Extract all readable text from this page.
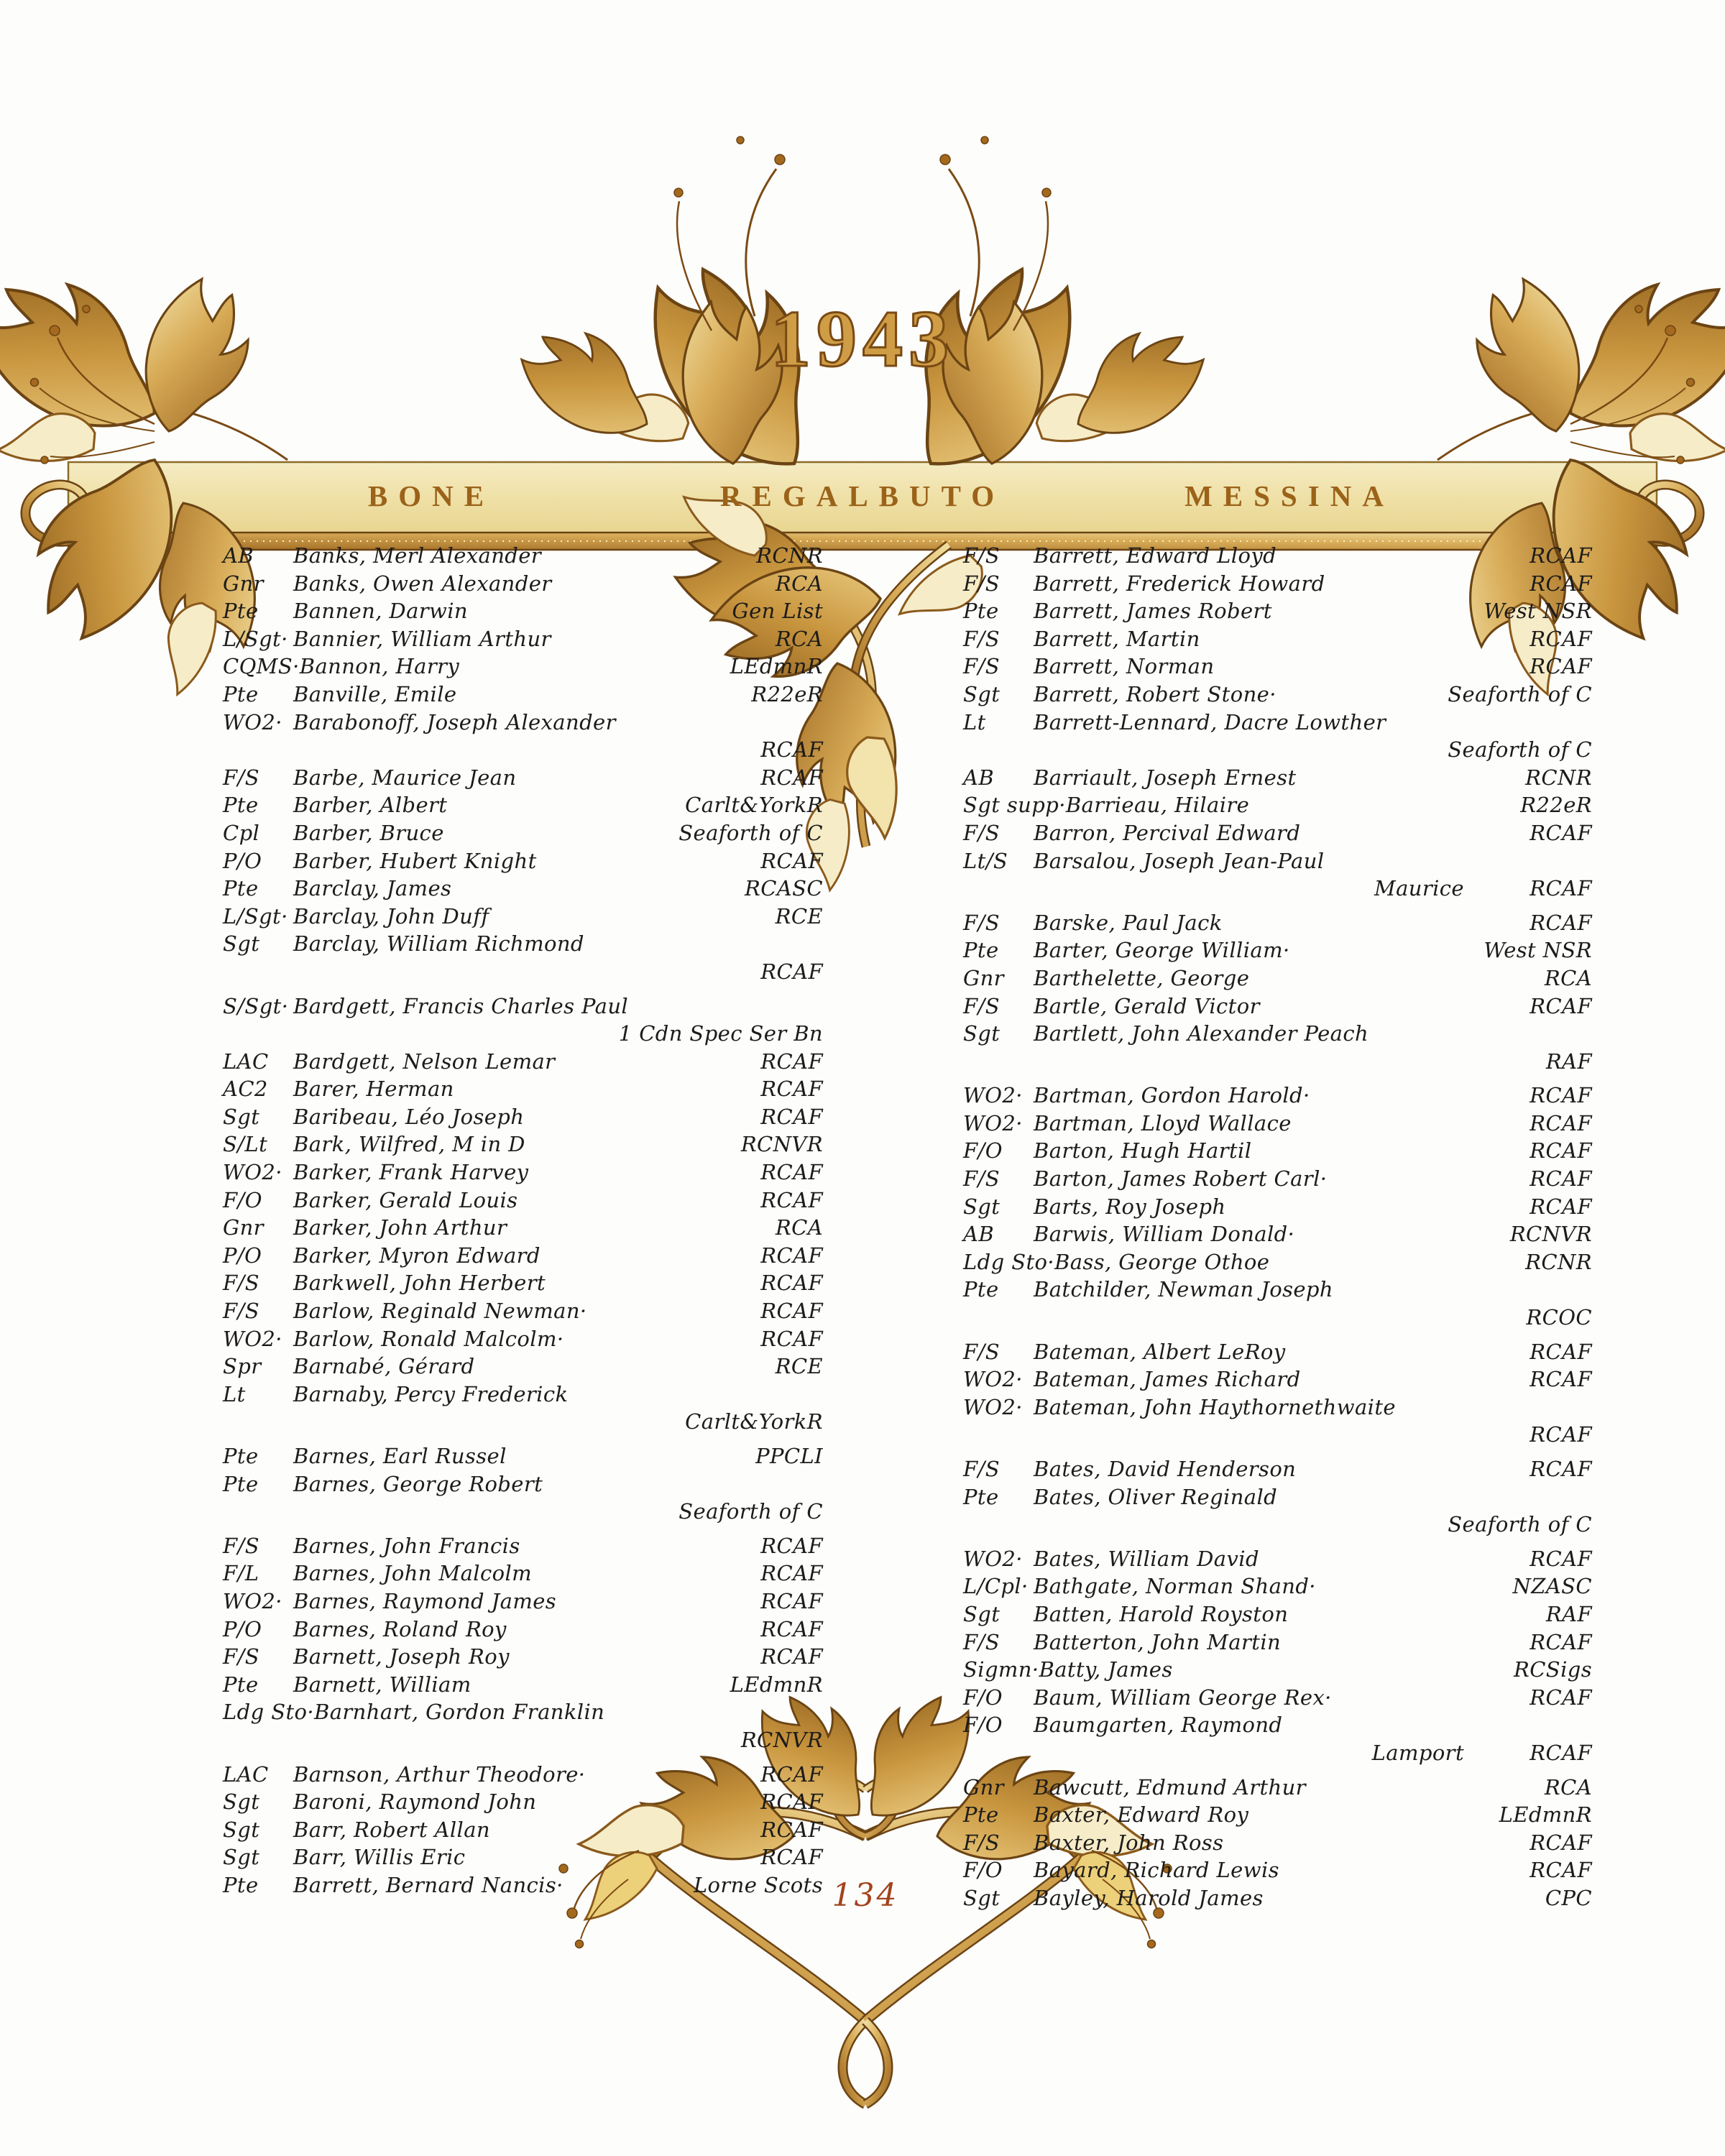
BONE	REGALBUTO	MESSINA
1943
AB Banks, Merl Alexander	RCNR
Gnr Banks, Owen Alexander	RCA
Pte Bannen, Darwin	Gen List
L/Sgt· Bannier, William Arthur	RCA
CQMS·Bannon, Harry	LEdmnR
Pte Banville, Emile	R22eR
WO2· Barabonoff, Joseph Alexander
RCAF
F/S Barbe, Maurice Jean	RCAF
Pte Barber, Albert	Carlt&YorkR
Cpl Barber, Bruce	Seaforth of C
P/O Barber, Hubert Knight	RCAF
Pte Barclay, James	RCASC
L/Sgt· Barclay, John Duff	RCE
Sgt Barclay, William Richmond
RCAF
S/Sgt· Bardgett, Francis Charles Paul
1 Cdn Spec Ser Bn
LAC Bardgett, Nelson Lemar	RCAF
AC2 Barer, Herman	RCAF
Sgt Baribeau, Léo Joseph	RCAF
S/Lt Bark, Wilfred, M in D	RCNVR
WO2· Barker, Frank Harvey	RCAF
F/O Barker, Gerald Louis	RCAF
Gnr Barker, John Arthur	RCA
P/O Barker, Myron Edward	RCAF
F/S Barkwell, John Herbert	RCAF
F/S Barlow, Reginald Newman·	RCAF
WO2· Barlow, Ronald Malcolm·	RCAF
Spr Barnabé, Gérard	RCE
Lt Barnaby, Percy Frederick
Carlt&YorkR
Pte Barnes, Earl Russel	PPCLI
Pte Barnes, George Robert
Seaforth of C
F/S Barnes, John Francis	RCAF
F/L Barnes, John Malcolm	RCAF
WO2· Barnes, Raymond James	RCAF
P/O Barnes, Roland Roy	RCAF
F/S Barnett, Joseph Roy	RCAF
Pte Barnett, William	LEdmnR
Ldg Sto·Barnhart, Gordon Franklin
RCNVR
LAC Barnson, Arthur Theodore·	RCAF
Sgt Baroni, Raymond John	RCAF
Sgt Barr, Robert Allan	RCAF
Sgt Barr, Willis Eric	RCAF
Pte Barrett, Bernard Nancis·	Lorne Scots
F/S Barrett, Edward Lloyd	RCAF
F/S Barrett, Frederick Howard	RCAF
Pte Barrett, James Robert	West NSR
F/S Barrett, Martin	RCAF
F/S Barrett, Norman	RCAF
Sgt Barrett, Robert Stone·	Seaforth of C
Lt Barrett-Lennard, Dacre Lowther
Seaforth of C
AB Barriault, Joseph Ernest	RCNR
Sgt supp·Barrieau, Hilaire	R22eR
F/S Barron, Percival Edward	RCAF
Lt/S Barsalou, Joseph Jean-Paul
Maurice	RCAF
F/S Barske, Paul Jack	RCAF
Pte Barter, George William·	West NSR
Gnr Barthelette, George	RCA
F/S Bartle, Gerald Victor	RCAF
Sgt Bartlett, John Alexander Peach
RAF
WO2· Bartman, Gordon Harold·	RCAF
WO2· Bartman, Lloyd Wallace	RCAF
F/O Barton, Hugh Hartil	RCAF
F/S Barton, James Robert Carl·	RCAF
Sgt Barts, Roy Joseph	RCAF
AB Barwis, William Donald·	RCNVR
Ldg Sto·Bass, George Othoe	RCNR
Pte Batchilder, Newman Joseph
RCOC
F/S Bateman, Albert LeRoy	RCAF
WO2· Bateman, James Richard	RCAF
WO2· Bateman, John Haythornethwaite
RCAF
F/S Bates, David Henderson	RCAF
Pte Bates, Oliver Reginald
Seaforth of C
WO2· Bates, William David	RCAF
L/Cpl· Bathgate, Norman Shand·	NZASC
Sgt Batten, Harold Royston	RAF
F/S Batterton, John Martin	RCAF
Sigmn·Batty, James	RCSigs
F/O Baum, William George Rex·	RCAF
F/O Baumgarten, Raymond
Lamport	RCAF
Gnr Bawcutt, Edmund Arthur	RCA
Pte Baxter, Edward Roy	LEdmnR
F/S Baxter, John Ross	RCAF
F/O Bayard, Richard Lewis	RCAF
Sgt Bayley, Harold James	CPC
134
